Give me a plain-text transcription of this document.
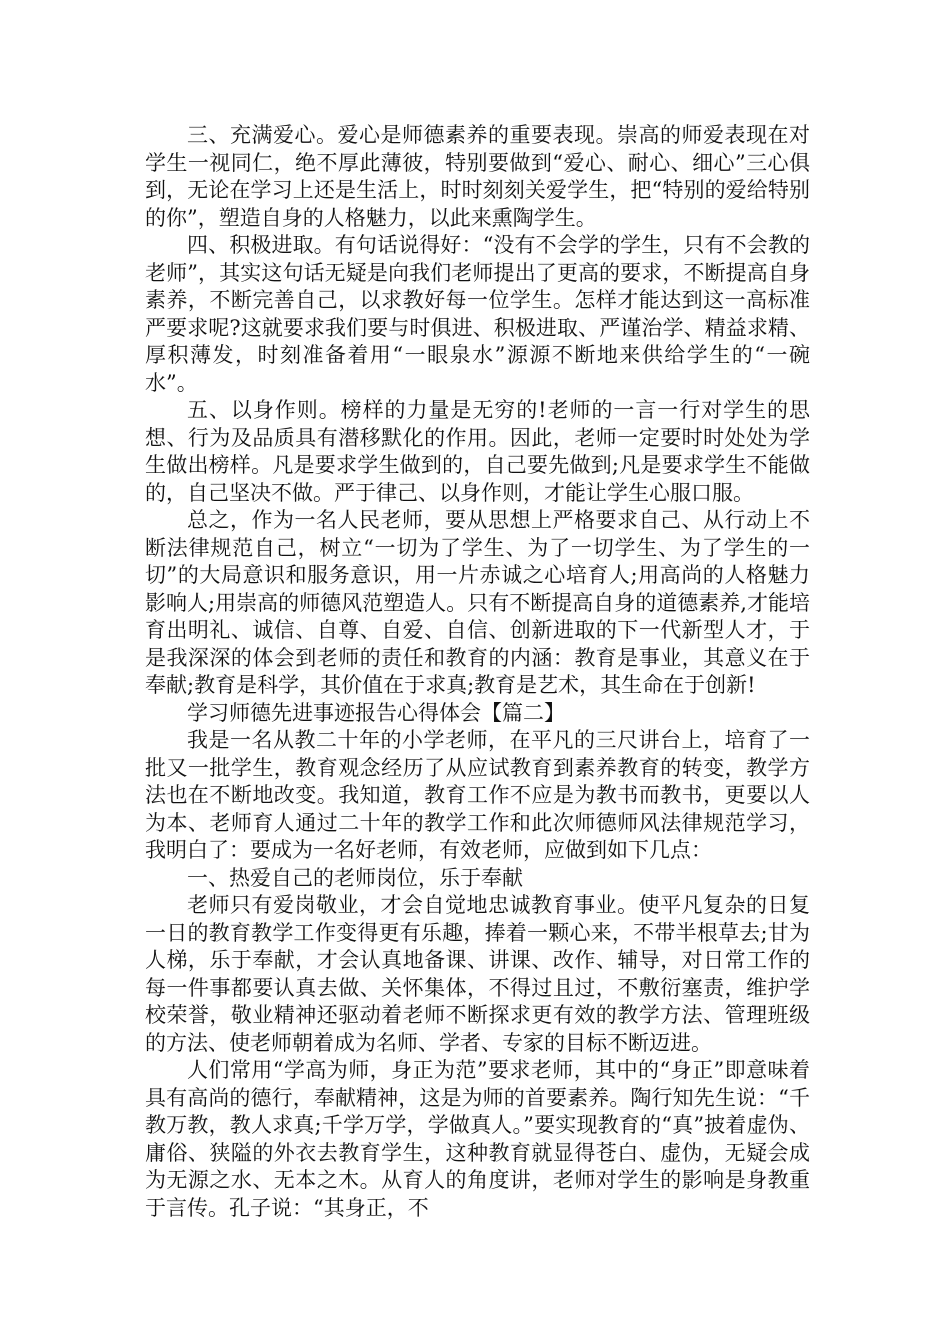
三、充满爱心。爱心是师德素养的重要表现。崇高的师爱表现在对学生一视同仁，绝不厚此薄彼，特别要做到“爱心、耐心、细心”三心俱到，无论在学习上还是生活上，时时刻刻关爱学生，把“特别的爱给特别的你”，塑造自身的人格魅力，以此来熏陶学生。

四、积极进取。有句话说得好：“没有不会学的学生，只有不会教的老师”，其实这句话无疑是向我们老师提出了更高的要求，不断提高自身素养，不断完善自己，以求教好每一位学生。怎样才能达到这一高标准严要求呢?这就要求我们要与时俱进、积极进取、严谨治学、精益求精、厚积薄发，时刻准备着用“一眼泉水”源源不断地来供给学生的“一碗水”。

五、以身作则。榜样的力量是无穷的!老师的一言一行对学生的思想、行为及品质具有潜移默化的作用。因此，老师一定要时时处处为学生做出榜样。凡是要求学生做到的，自己要先做到;凡是要求学生不能做的，自己坚决不做。严于律己、以身作则，才能让学生心服口服。

总之，作为一名人民老师，要从思想上严格要求自己、从行动上不断法律规范自己，树立“一切为了学生、为了一切学生、为了学生的一切”的大局意识和服务意识，用一片赤诚之心培育人;用高尚的人格魅力影响人;用崇高的师德风范塑造人。只有不断提高自身的道德素养,才能培育出明礼、诚信、自尊、自爱、自信、创新进取的下一代新型人才，于是我深深的体会到老师的责任和教育的内涵：教育是事业，其意义在于奉献;教育是科学，其价值在于求真;教育是艺术，其生命在于创新!

学习师德先进事迹报告心得体会【篇二】

我是一名从教二十年的小学老师，在平凡的三尺讲台上，培育了一批又一批学生，教育观念经历了从应试教育到素养教育的转变，教学方法也在不断地改变。我知道，教育工作不应是为教书而教书，更要以人为本、老师育人通过二十年的教学工作和此次师德师风法律规范学习，我明白了：要成为一名好老师，有效老师，应做到如下几点：

一、热爱自己的老师岗位，乐于奉献

老师只有爱岗敬业，才会自觉地忠诚教育事业。使平凡复杂的日复一日的教育教学工作变得更有乐趣，捧着一颗心来，不带半根草去;甘为人梯，乐于奉献，才会认真地备课、讲课、改作、辅导，对日常工作的每一件事都要认真去做、关怀集体，不得过且过，不敷衍塞责，维护学校荣誉，敬业精神还驱动着老师不断探求更有效的教学方法、管理班级的方法、使老师朝着成为名师、学者、专家的目标不断迈进。

人们常用“学高为师，身正为范”要求老师，其中的“身正”即意味着具有高尚的德行，奉献精神，这是为师的首要素养。陶行知先生说：“千教万教，教人求真;千学万学，学做真人。”要实现教育的“真”披着虚伪、庸俗、狭隘的外衣去教育学生，这种教育就显得苍白、虚伪，无疑会成为无源之水、无本之木。从育人的角度讲，老师对学生的影响是身教重于言传。孔子说：“其身正，不
